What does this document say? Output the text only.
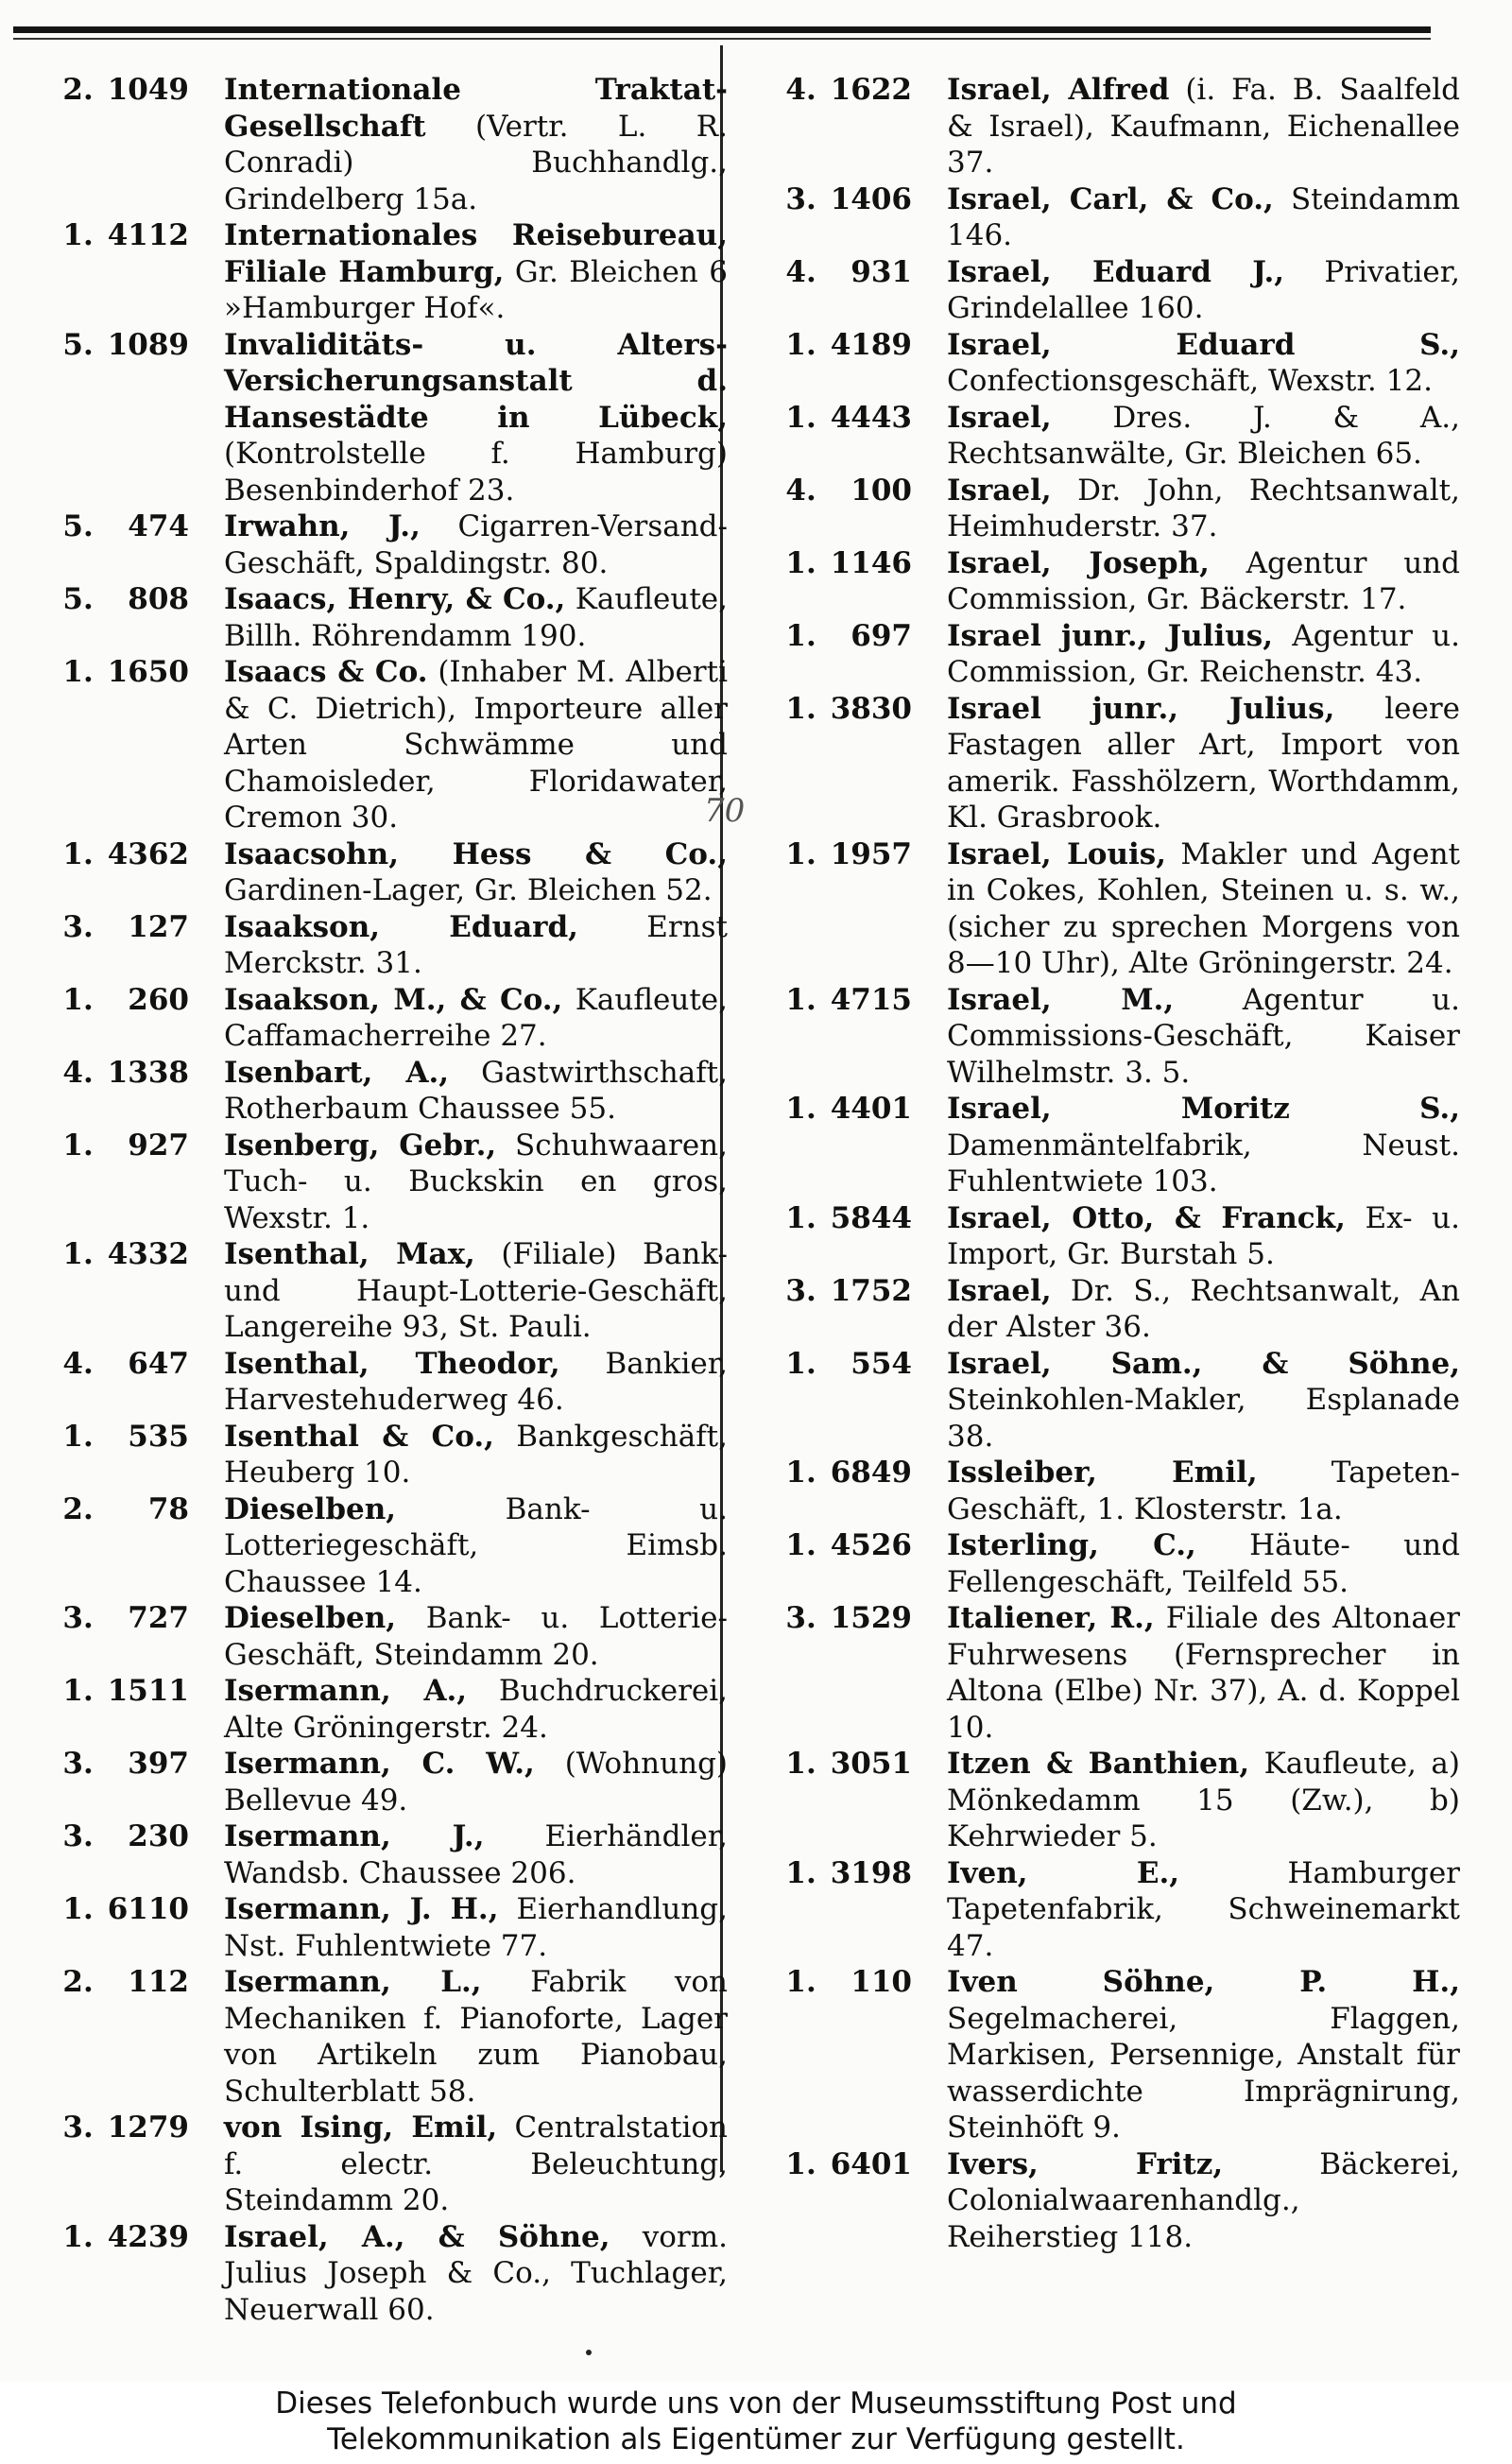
2 . 1049	Internationale Traktat-Gesellschaft (Vertr. L. R. Conradi) Buchhandlg., Grindelberg 15a.
1 . 4112	Internationales Reisebureau, Filiale Hamburg, Gr. Bleichen 6 »Hamburger Hof«.
5 . 1089	Invaliditäts- u. Alters-Versicherungsanstalt d. Hansestädte in Lübeck, (Kontrolstelle f. Hamburg) Besenbinderhof 23.
5 .	474	Irwahn, J., Cigarren-Versand-Geschäft, Spaldingstr. 80.
5 .	808	Isaacs, Henry, & Co., Kaufleute, Billh. Röhrendamm 190.
1 . 1650	Isaacs & Co. (Inhaber M. Alberti & C. Dietrich), Importeure aller Arten Schwämme und Chamoisleder, Floridawater, Cremon 30.
1 . 4362	Isaacsohn, Hess & Co., Gardinen-Lager, Gr. Bleichen 52.
3 .	127	Isaakson, Eduard, Ernst Merckstr. 31.
1 .	260	Isaakson, M., & Co., Kaufleute, Caffamacherreihe 27.
4 . 1338	Isenbart, A., Gastwirthschaft, Rotherbaum Chaussee 55.
1 .	927	Isenberg, Gebr., Schuhwaaren, Tuch- u. Buckskin en gros, Wexstr. 1.
1 . 4332	Isenthal, Max, (Filiale) Bank- und Haupt-Lotterie-Geschäft, Langereihe 93, St. Pauli.
4 .	647	Isenthal, Theodor, Bankier, Harvestehuderweg 46.
1 .	535	Isenthal & Co., Bankgeschäft, Heuberg 10.
2 .	78	Dieselben, Bank- u. Lotteriegeschäft, Eimsb. Chaussee 14.
3 .	727	Dieselben, Bank- u. Lotterie-Geschäft, Steindamm 20.
1 . 1511	Isermann, A., Buchdruckerei, Alte Gröningerstr. 24.
3 .	397	Isermann, C. W., (Wohnung) Bellevue 49.
3 .	230	Isermann, J., Eierhändler, Wandsb. Chaussee 206.
1 . 6110	Isermann, J. H., Eierhandlung, Nst. Fuhlentwiete 77.
2 .	112	Isermann, L., Fabrik von Mechaniken f. Pianoforte, Lager von Artikeln zum Pianobau, Schulterblatt 58.
3 . 1279	von Ising, Emil, Centralstation f. electr. Beleuchtung, Steindamm 20.
1 . 4239	Israel, A., & Söhne, vorm. Julius Joseph & Co., Tuchlager, Neuerwall 60.
4 . 1622	Israel, Alfred (i. Fa. B. Saalfeld & Israel), Kaufmann, Eichenallee 37.
3 . 1406	Israel, Carl, & Co., Steindamm 146.
4 .	931	Israel, Eduard J., Privatier, Grindelallee 160.
1 . 4189	Israel, Eduard S., Confectionsgeschäft, Wexstr. 12.
1 . 4443	Israel, Dres. J. & A., Rechtsanwälte, Gr. Bleichen 65.
4 .	100	Israel, Dr. John, Rechtsanwalt, Heimhuderstr. 37.
1 . 1146	Israel, Joseph, Agentur und Commission, Gr. Bäckerstr. 17.
1 .	697	Israel junr., Julius, Agentur u. Commission, Gr. Reichenstr. 43.
1 . 3830	Israel junr., Julius, leere Fastagen aller Art, Import von amerik. Fasshölzern, Worthdamm, Kl. Grasbrook.
1 . 1957	Israel, Louis, Makler und Agent in Cokes, Kohlen, Steinen u. s. w., (sicher zu sprechen Morgens von 8—10 Uhr), Alte Gröningerstr. 24.
1 . 4715	Israel, M., Agentur u. Commissions-Geschäft, Kaiser Wilhelmstr. 3. 5.
1 . 4401	Israel, Moritz S., Damenmäntelfabrik, Neust. Fuhlentwiete 103.
1 . 5844	Israel, Otto, & Franck, Ex- u. Import, Gr. Burstah 5.
3 . 1752	Israel, Dr. S., Rechtsanwalt, An der Alster 36.
1 .	554	Israel, Sam., & Söhne, Steinkohlen-Makler, Esplanade 38.
1 . 6849	Issleiber, Emil, Tapeten-Geschäft, 1. Klosterstr. 1a.
1 . 4526	Isterling, C., Häute- und Fellengeschäft, Teilfeld 55.
3 . 1529	Italiener, R., Filiale des Altonaer Fuhrwesens (Fernsprecher in Altona (Elbe) Nr. 37), A. d. Koppel 10.
1 . 3051	Itzen & Banthien, Kaufleute, a) Mönkedamm 15 (Zw.), b) Kehrwieder 5.
1 . 3198	Iven, E., Hamburger Tapetenfabrik, Schweinemarkt 47.
1 .	110	Iven Söhne, P. H., Segelmacherei, Flaggen, Markisen, Persennige, Anstalt für wasserdichte Imprägnirung, Steinhöft 9.
1 . 6401	Ivers, Fritz, Bäckerei, Colonialwaarenhandlg., Reiherstieg 118.
70
Dieses Telefonbuch wurde uns von der Museumsstiftung Post und
Telekommunikation als Eigentümer zur Verfügung gestellt.
